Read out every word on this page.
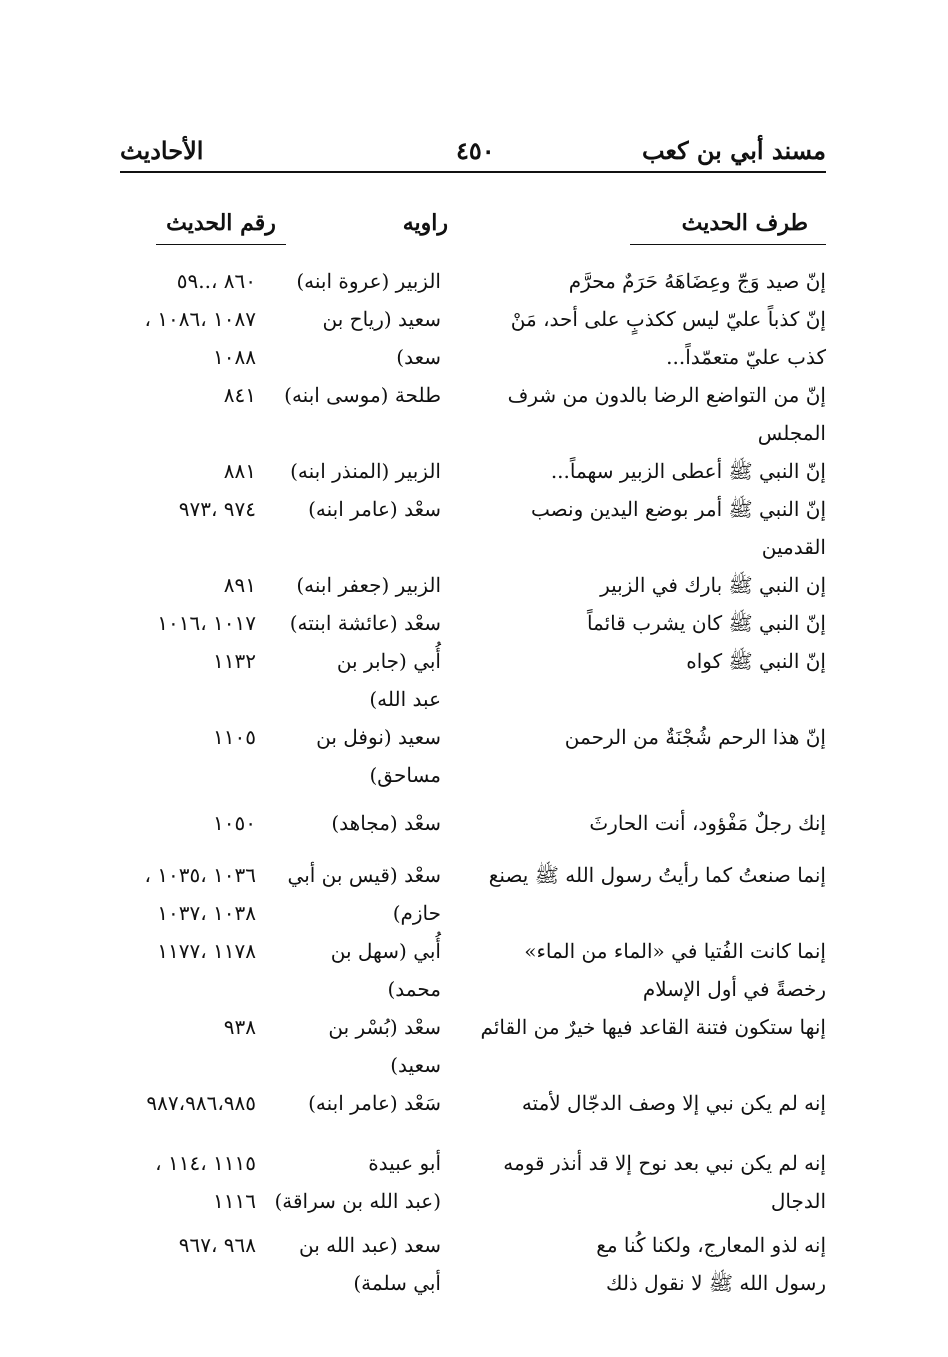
مسند أبي بن كعب
٤٥٠
الأحاديث
طرف الحديث
راويه
رقم الحديث
إنّ صيد وَجّ وعِضَاهَهُ حَرَمٌ محرَّم
الزبير (عروة ابنه)
٨٦٠ ،..٥٩
إنّ كذباً عليّ ليس ككذبٍ على أحد، مَنْ
سعيد (رياح بن
١٠٨٧ ،١٠٨٦ ،
كذب عليّ متعمّداً...
سعد)
١٠٨٨
إنّ من التواضع الرضا بالدون من شرف
طلحة (موسى ابنه)
٨٤١
المجلس
إنّ النبي ﷺ أعطى الزبير سهماً...
الزبير (المنذر ابنه)
٨٨١
إنّ النبي ﷺ أمر بوضع اليدين ونصب
سعْد (عامر ابنه)
٩٧٤ ،٩٧٣
القدمين
إن النبي ﷺ بارك في الزبير
الزبير (جعفر ابنه)
٨٩١
إنّ النبي ﷺ كان يشرب قائماً
سعْد (عائشة ابنته)
١٠١٧ ،١٠١٦
إنّ النبي ﷺ كواه
أُبي (جابر بن
١١٣٢
عبد الله)
إنّ هذا الرحم شُجْنَةٌ من الرحمن
سعيد (نوفل بن
١١٠٥
مساحق)
إنك رجلٌ مَفْؤود، أنت الحارثَ
سعْد (مجاهد)
١٠٥٠
إنما صنعتُ كما رأيتُ رسول الله ﷺ يصنع
سعْد (قيس بن أبي
١٠٣٦ ،١٠٣٥ ،
حازم)
١٠٣٨ ،١٠٣٧
إنما كانت الفُتيا في «الماء من الماء»
أُبي (سهل بن
١١٧٨ ،١١٧٧
رخصةً في أول الإسلام
محمد)
إنها ستكون فتنة القاعد فيها خيرٌ من القائم
سعْد (بُسْر بن
٩٣٨
سعيد)
إنه لم يكن نبي إلا وصف الدجّال لأمته
سَعْد (عامر ابنه)
٩٨٧،٩٨٦،٩٨٥
إنه لم يكن نبي بعد نوح إلا قد أنذر قومه
أبو عبيدة
١١١٥ ،١١٤ ،
الدجال
(عبد الله بن سراقة)
١١١٦
إنه لذو المعارج، ولكنا كُنا مع
سعد (عبد الله بن
٩٦٨ ،٩٦٧
رسول الله ﷺ لا نقول ذلك
أبي سلمة)
